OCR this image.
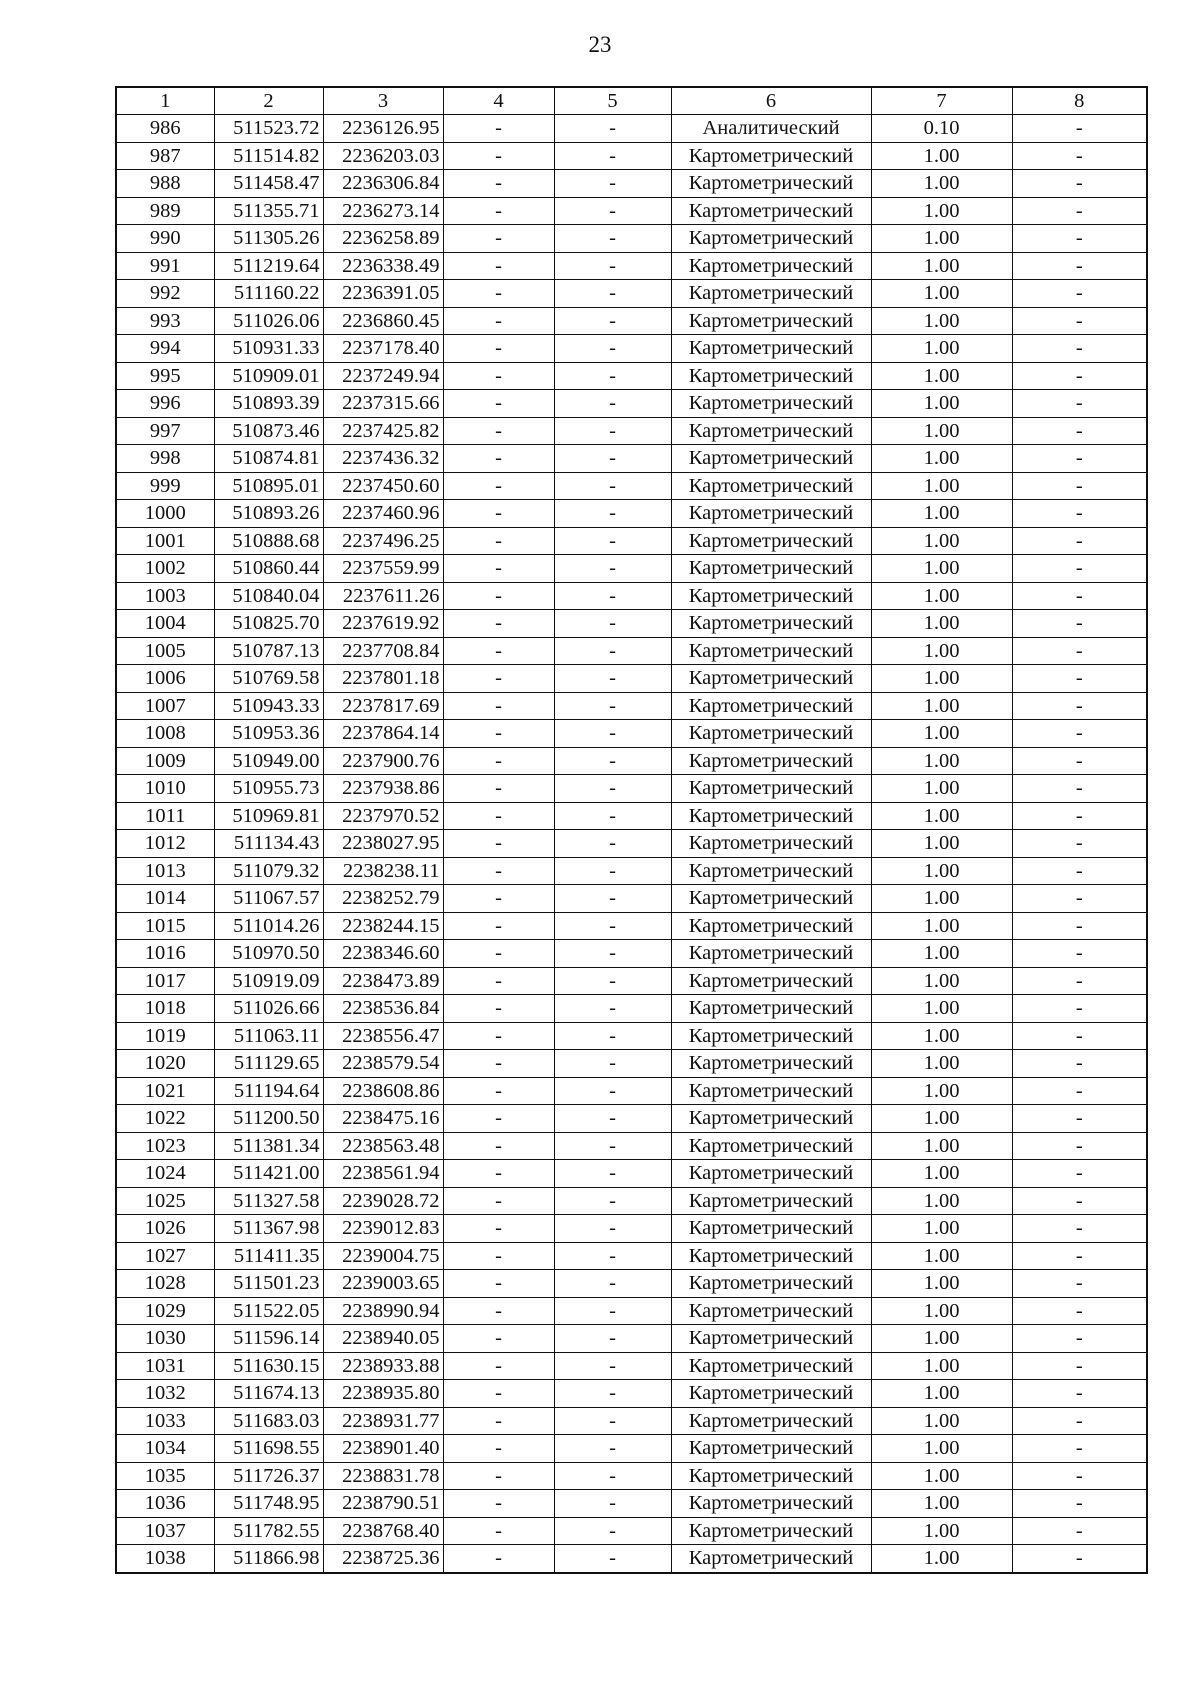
23
1	2	3	4	5	6	7	8
986	511523.72	2236126.95	-	-	Аналитический	0.10	-
987	511514.82	2236203.03	-	-	Картометрический	1.00	-
988	511458.47	2236306.84	-	-	Картометрический	1.00	-
989	511355.71	2236273.14	-	-	Картометрический	1.00	-
990	511305.26	2236258.89	-	-	Картометрический	1.00	-
991	511219.64	2236338.49	-	-	Картометрический	1.00	-
992	511160.22	2236391.05	-	-	Картометрический	1.00	-
993	511026.06	2236860.45	-	-	Картометрический	1.00	-
994	510931.33	2237178.40	-	-	Картометрический	1.00	-
995	510909.01	2237249.94	-	-	Картометрический	1.00	-
996	510893.39	2237315.66	-	-	Картометрический	1.00	-
997	510873.46	2237425.82	-	-	Картометрический	1.00	-
998	510874.81	2237436.32	-	-	Картометрический	1.00	-
999	510895.01	2237450.60	-	-	Картометрический	1.00	-
1000	510893.26	2237460.96	-	-	Картометрический	1.00	-
1001	510888.68	2237496.25	-	-	Картометрический	1.00	-
1002	510860.44	2237559.99	-	-	Картометрический	1.00	-
1003	510840.04	2237611.26	-	-	Картометрический	1.00	-
1004	510825.70	2237619.92	-	-	Картометрический	1.00	-
1005	510787.13	2237708.84	-	-	Картометрический	1.00	-
1006	510769.58	2237801.18	-	-	Картометрический	1.00	-
1007	510943.33	2237817.69	-	-	Картометрический	1.00	-
1008	510953.36	2237864.14	-	-	Картометрический	1.00	-
1009	510949.00	2237900.76	-	-	Картометрический	1.00	-
1010	510955.73	2237938.86	-	-	Картометрический	1.00	-
1011	510969.81	2237970.52	-	-	Картометрический	1.00	-
1012	511134.43	2238027.95	-	-	Картометрический	1.00	-
1013	511079.32	2238238.11	-	-	Картометрический	1.00	-
1014	511067.57	2238252.79	-	-	Картометрический	1.00	-
1015	511014.26	2238244.15	-	-	Картометрический	1.00	-
1016	510970.50	2238346.60	-	-	Картометрический	1.00	-
1017	510919.09	2238473.89	-	-	Картометрический	1.00	-
1018	511026.66	2238536.84	-	-	Картометрический	1.00	-
1019	511063.11	2238556.47	-	-	Картометрический	1.00	-
1020	511129.65	2238579.54	-	-	Картометрический	1.00	-
1021	511194.64	2238608.86	-	-	Картометрический	1.00	-
1022	511200.50	2238475.16	-	-	Картометрический	1.00	-
1023	511381.34	2238563.48	-	-	Картометрический	1.00	-
1024	511421.00	2238561.94	-	-	Картометрический	1.00	-
1025	511327.58	2239028.72	-	-	Картометрический	1.00	-
1026	511367.98	2239012.83	-	-	Картометрический	1.00	-
1027	511411.35	2239004.75	-	-	Картометрический	1.00	-
1028	511501.23	2239003.65	-	-	Картометрический	1.00	-
1029	511522.05	2238990.94	-	-	Картометрический	1.00	-
1030	511596.14	2238940.05	-	-	Картометрический	1.00	-
1031	511630.15	2238933.88	-	-	Картометрический	1.00	-
1032	511674.13	2238935.80	-	-	Картометрический	1.00	-
1033	511683.03	2238931.77	-	-	Картометрический	1.00	-
1034	511698.55	2238901.40	-	-	Картометрический	1.00	-
1035	511726.37	2238831.78	-	-	Картометрический	1.00	-
1036	511748.95	2238790.51	-	-	Картометрический	1.00	-
1037	511782.55	2238768.40	-	-	Картометрический	1.00	-
1038	511866.98	2238725.36	-	-	Картометрический	1.00	-
